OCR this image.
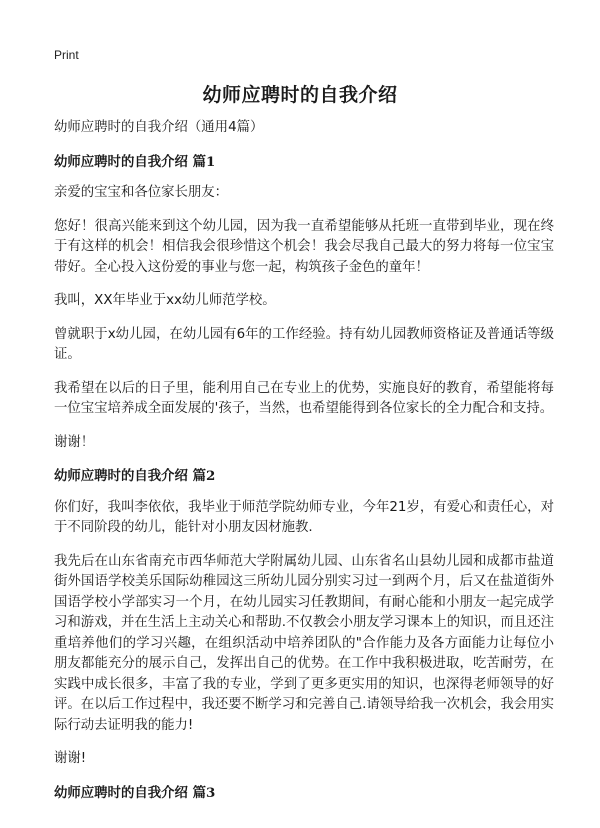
Print
幼师应聘时的自我介绍

幼师应聘时的自我介绍（通用4篇）

幼师应聘时的自我介绍 篇1

亲爱的宝宝和各位家长朋友：

您好！很高兴能来到这个幼儿园，因为我一直希望能够从托班一直带到毕业，现在终于有这样的机会！相信我会很珍惜这个机会！我会尽我自己最大的努力将每一位宝宝带好。全心投入这份爱的事业与您一起，构筑孩子金色的童年！

我叫，XX年毕业于xx幼儿师范学校。

曾就职于x幼儿园，在幼儿园有6年的工作经验。持有幼儿园教师资格证及普通话等级证。

我希望在以后的日子里，能利用自己在专业上的优势，实施良好的教育，希望能将每一位宝宝培养成全面发展的'孩子，当然，也希望能得到各位家长的全力配合和支持。

谢谢！

幼师应聘时的自我介绍 篇2

你们好，我叫李依依，我毕业于师范学院幼师专业，今年21岁，有爱心和责任心，对于不同阶段的幼儿，能针对小朋友因材施教.

我先后在山东省南充市西华师范大学附属幼儿园、山东省名山县幼儿园和成都市盐道街外国语学校美乐国际幼稚园这三所幼儿园分别实习过一到两个月，后又在盐道街外国语学校小学部实习一个月，在幼儿园实习任教期间，有耐心能和小朋友一起完成学习和游戏，并在生活上主动关心和帮助.不仅教会小朋友学习课本上的知识，而且还注重培养他们的学习兴趣，在组织活动中培养团队的"合作能力及各方面能力让每位小朋友都能充分的展示自己，发挥出自己的优势。在工作中我积极进取，吃苦耐劳，在实践中成长很多，丰富了我的专业，学到了更多更实用的知识，也深得老师领导的好评。在以后工作过程中，我还要不断学习和完善自己.请领导给我一次机会，我会用实际行动去证明我的能力!

谢谢!

幼师应聘时的自我介绍 篇3
